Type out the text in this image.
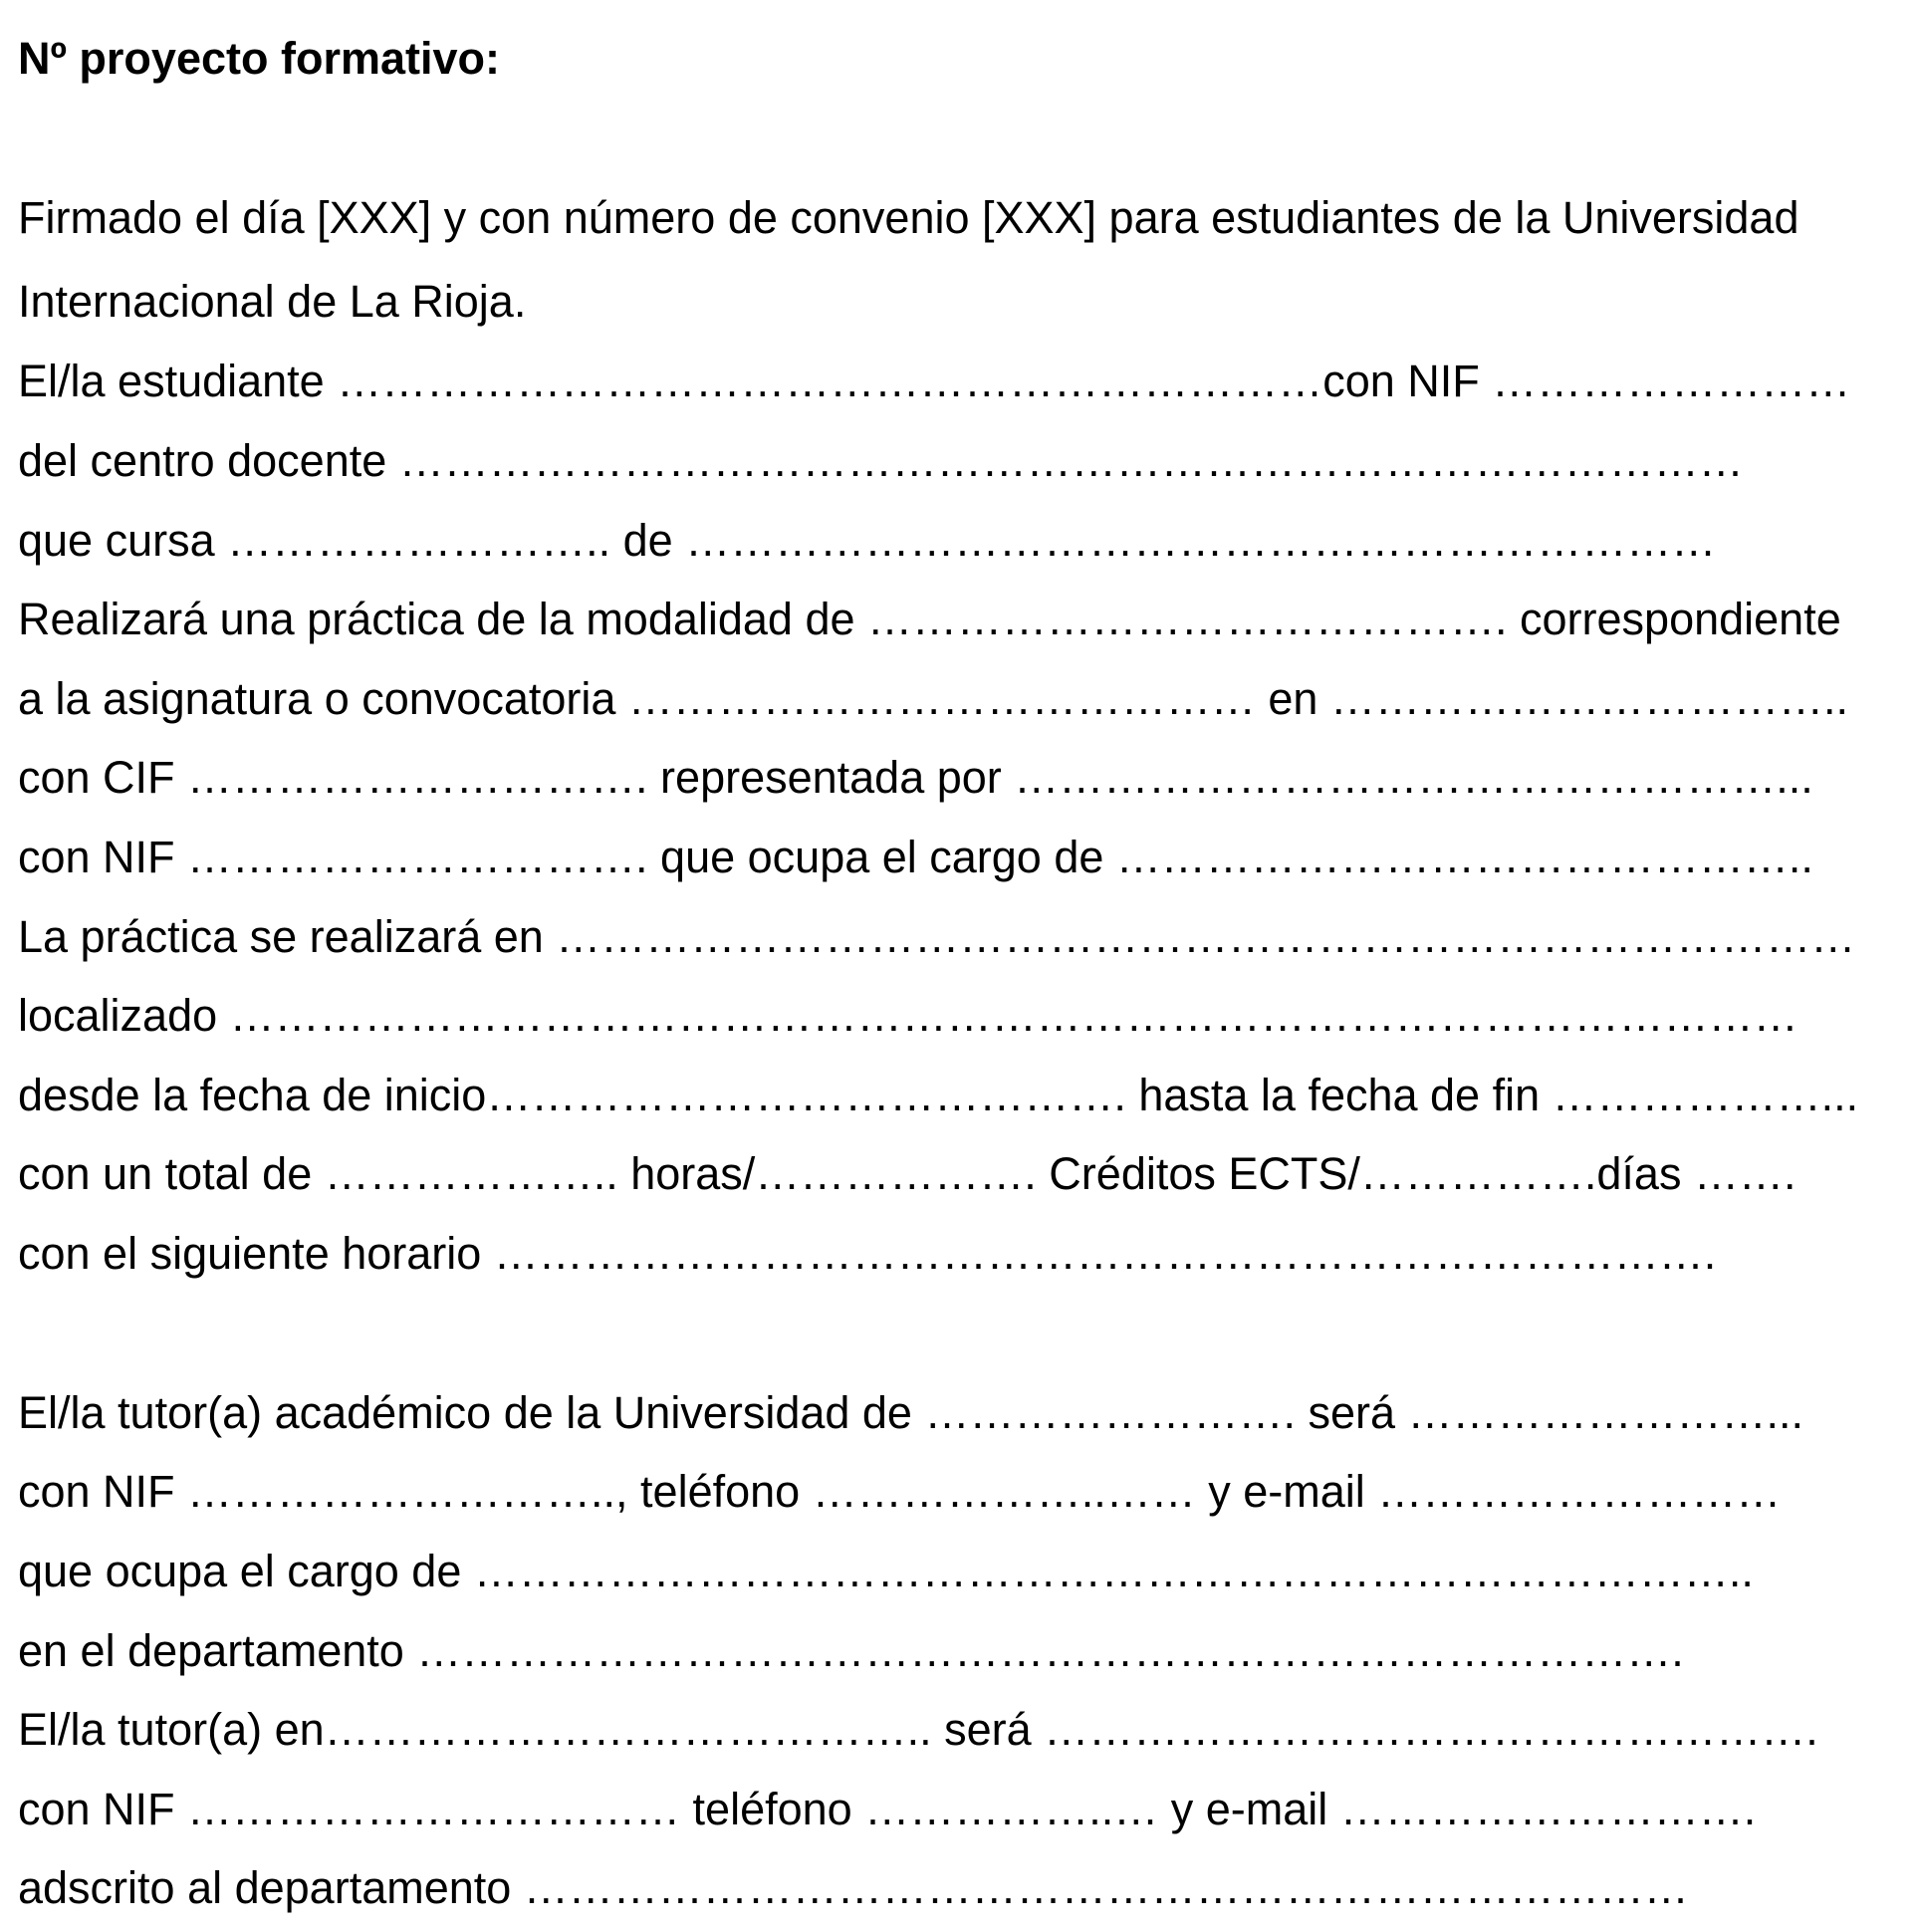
Nº proyecto formativo:
Firmado el día [XXX] y con número de convenio [XXX] para estudiantes de la Universidad
Internacional de La Rioja.
El/la estudiante …………………………………………………………con NIF ……………………
del centro docente ………………………………………………………………………………
que cursa …………………….. de ……………………………………………………………
Realizará una práctica de la modalidad de ……………………………………. correspondiente
a la asignatura o convocatoria …………………………………… en ……………………………..
con CIF …………………………. representada por ……………………………………………...
con NIF …………………………. que ocupa el cargo de ………………………………………..
La práctica se realizará en ……………………………………………………………………………
localizado ……………………………………………………………………………………………
desde la fecha de inicio……………………………………. hasta la fecha de fin ………………...
con un total de ……………….. horas/………………. Créditos ECTS/…………….días …….
con el siguiente horario ……………………………………………………………………….
El/la tutor(a) académico de la Universidad de ……………………. será ……………………...
con NIF ……………………….., teléfono ………………..…… y e-mail ………………………
que ocupa el cargo de …………………………………………………………………………..
en el departamento ………………………………………………………………………….
El/la tutor(a) en………………………………….. será …………………………………………….
con NIF …………………………… teléfono ……………..… y e-mail ……………………….
adscrito al departamento ……………………………………………………………………
